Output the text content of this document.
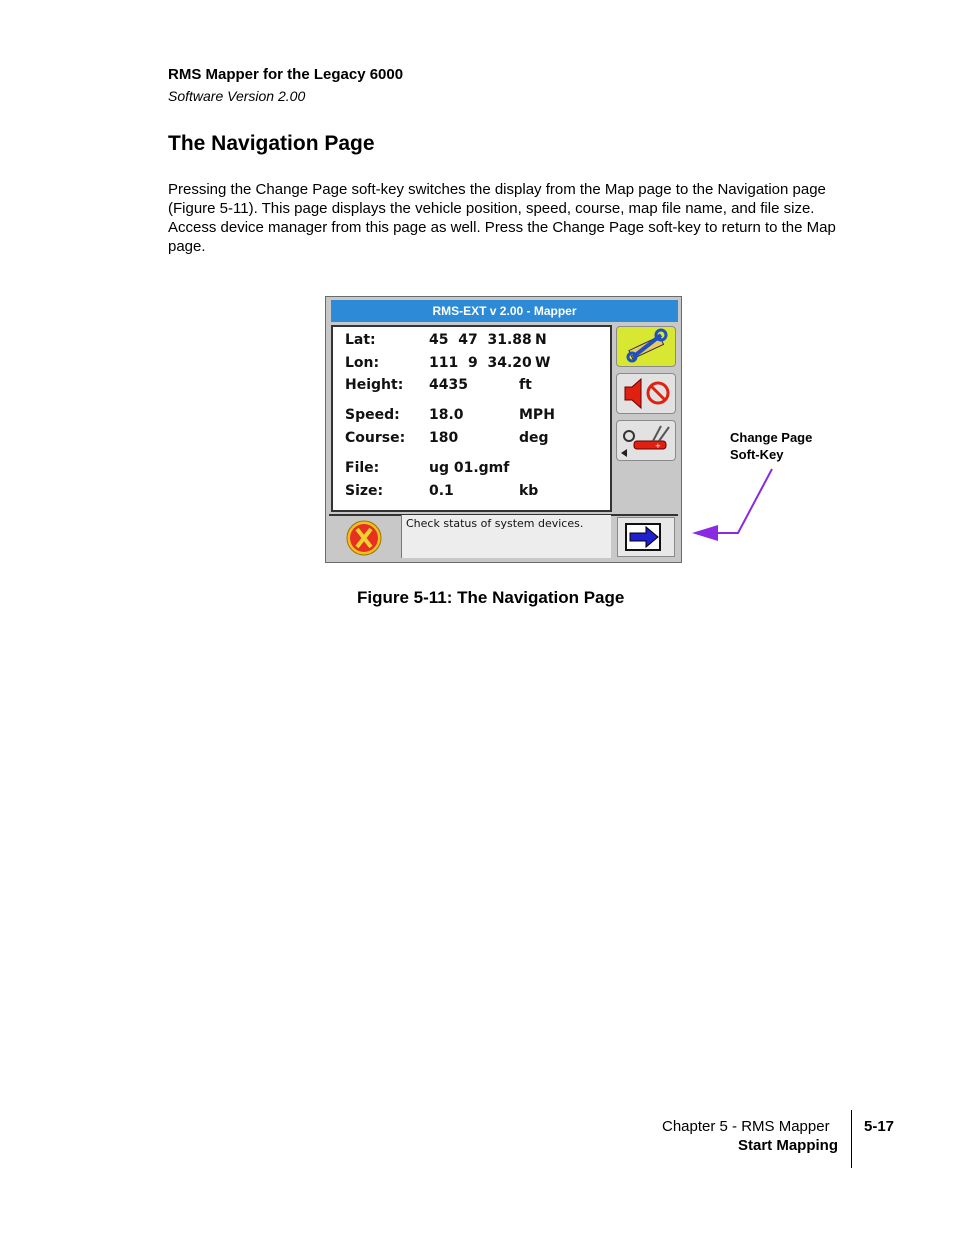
RMS Mapper for the Legacy 6000
Software Version 2.00
The Navigation Page
Pressing the Change Page soft-key switches the display from the Map page to the Navigation page (Figure 5-11). This page displays the vehicle position, speed, course, map file name, and file size. Access device manager from this page as well. Press the Change Page soft-key to return to the Map page.
RMS-EXT v 2.00 - Mapper
Lat:	45  47  31.88 N
Lon:	111  9  34.20 W
Height: 4435	ft
Speed: 18.0	MPH
Course: 180	deg
File:	ug 01.gmf
Size:	0.1	kb
+
Check status of system devices.
Change Page
Soft-Key
Figure 5-11: The Navigation Page
Chapter 5 - RMS Mapper
Start Mapping
5-17
